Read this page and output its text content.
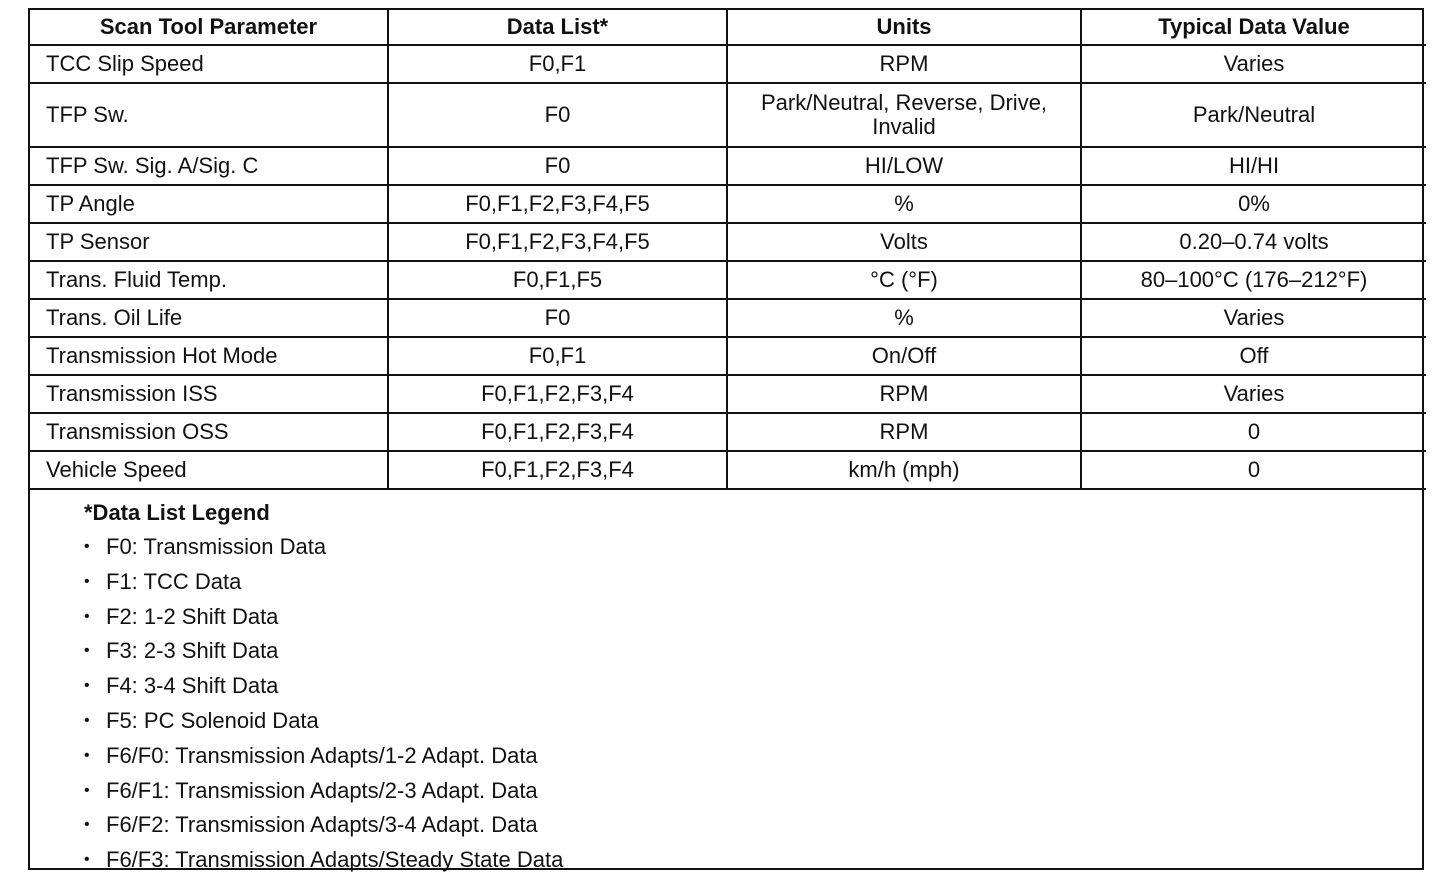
Scan Tool Parameter	Data List*	Units	Typical Data Value
TCC Slip Speed	F0,F1	RPM	Varies
TFP Sw.	F0	Park/Neutral, Reverse, Drive, Invalid	Park/Neutral
TFP Sw. Sig. A/Sig. C	F0	HI/LOW	HI/HI
TP Angle	F0,F1,F2,F3,F4,F5	%	0%
TP Sensor	F0,F1,F2,F3,F4,F5	Volts	0.20–0.74 volts
Trans. Fluid Temp.	F0,F1,F5	°C (°F)	80–100°C (176–212°F)
Trans. Oil Life	F0	%	Varies
Transmission Hot Mode	F0,F1	On/Off	Off
Transmission ISS	F0,F1,F2,F3,F4	RPM	Varies
Transmission OSS	F0,F1,F2,F3,F4	RPM	0
Vehicle Speed	F0,F1,F2,F3,F4	km/h (mph)	0
*Data List Legend
• F0: Transmission Data
• F1: TCC Data
• F2: 1-2 Shift Data
• F3: 2-3 Shift Data
• F4: 3-4 Shift Data
• F5: PC Solenoid Data
• F6/F0: Transmission Adapts/1-2 Adapt. Data
• F6/F1: Transmission Adapts/2-3 Adapt. Data
• F6/F2: Transmission Adapts/3-4 Adapt. Data
• F6/F3: Transmission Adapts/Steady State Data
